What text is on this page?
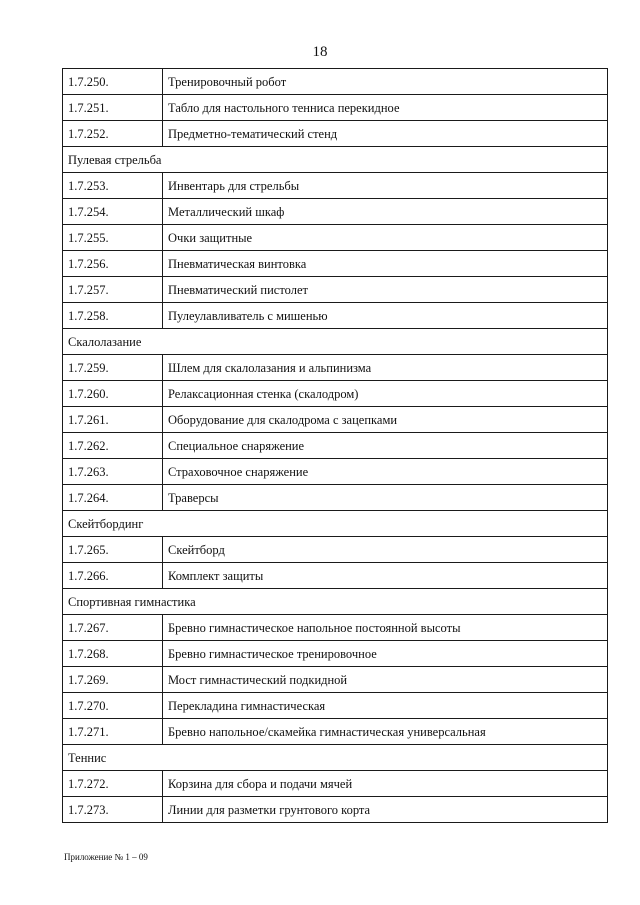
18
1.7.250.	Тренировочный робот
1.7.251.	Табло для настольного тенниса перекидное
1.7.252.	Предметно-тематический стенд
Пулевая стрельба	
1.7.253.	Инвентарь для стрельбы
1.7.254.	Металлический шкаф
1.7.255.	Очки защитные
1.7.256.	Пневматическая винтовка
1.7.257.	Пневматический пистолет
1.7.258.	Пулеулавливатель с мишенью
Скалолазание	
1.7.259.	Шлем для скалолазания и альпинизма
1.7.260.	Релаксационная стенка (скалодром)
1.7.261.	Оборудование для скалодрома с зацепками
1.7.262.	Специальное снаряжение
1.7.263.	Страховочное снаряжение
1.7.264.	Траверсы
Скейтбординг	
1.7.265.	Скейтборд
1.7.266.	Комплект защиты
Спортивная гимнастика	
1.7.267.	Бревно гимнастическое напольное постоянной высоты
1.7.268.	Бревно гимнастическое тренировочное
1.7.269.	Мост гимнастический подкидной
1.7.270.	Перекладина гимнастическая
1.7.271.	Бревно напольное/скамейка гимнастическая универсальная
Теннис	
1.7.272.	Корзина для сбора и подачи мячей
1.7.273.	Линии для разметки грунтового корта
Приложение № 1 – 09
